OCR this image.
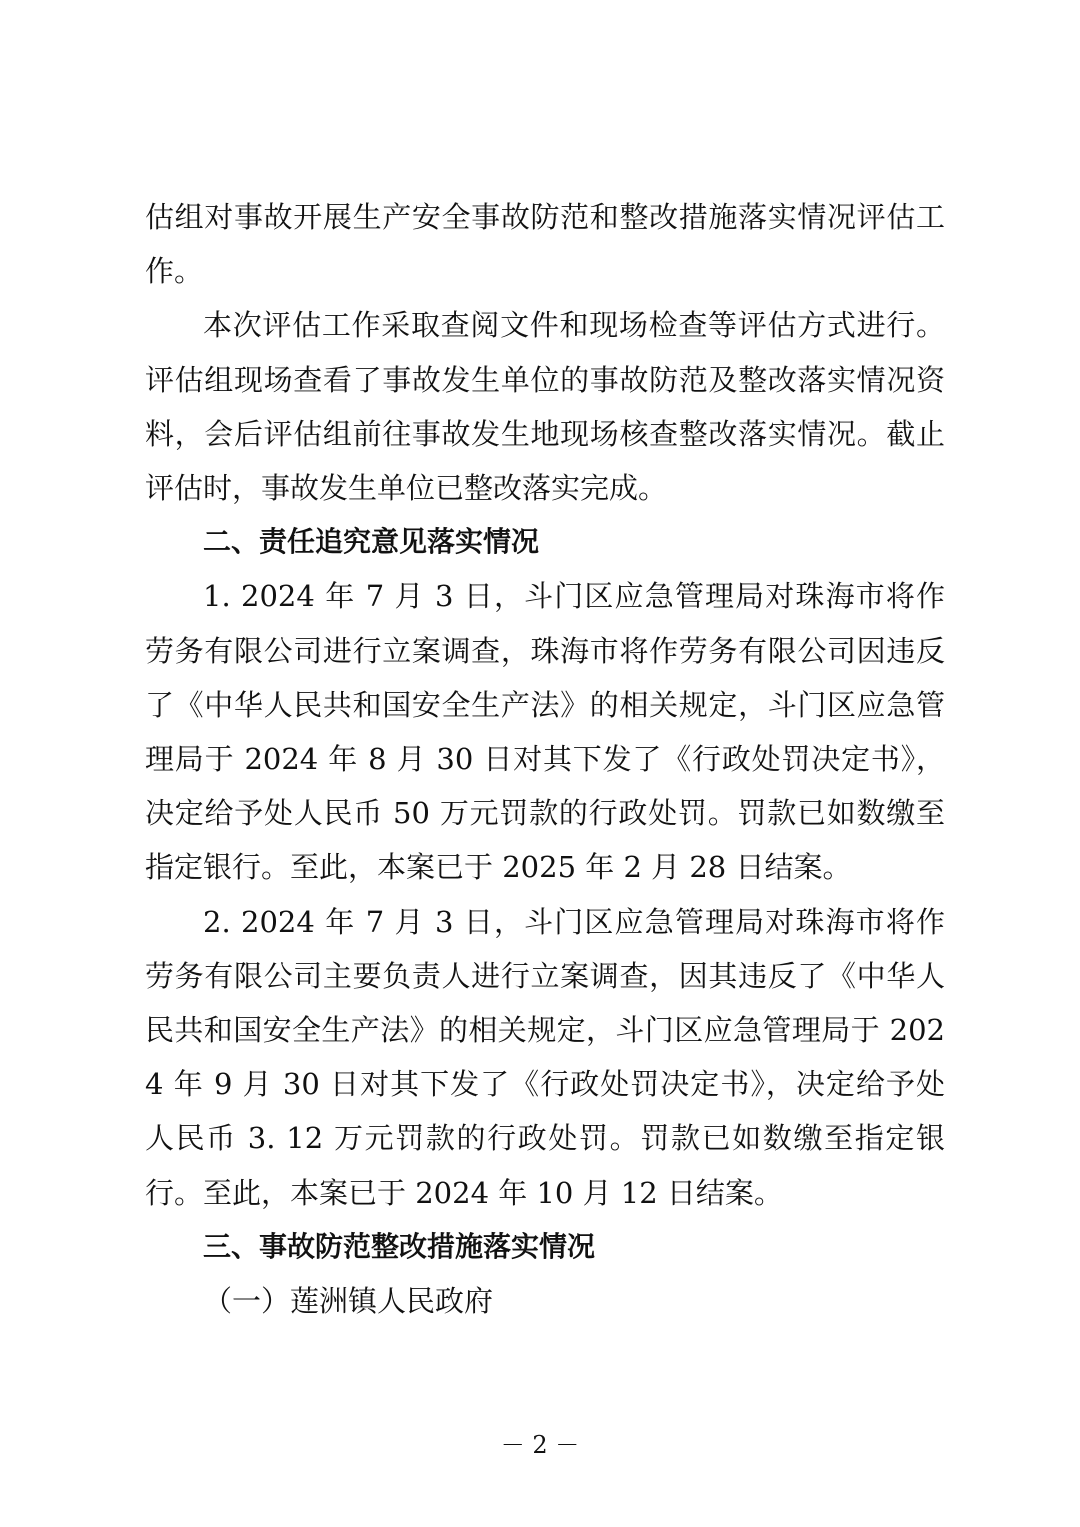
估组对事故开展生产安全事故防范和整改措施落实情况评估工作。

本次评估工作采取查阅文件和现场检查等评估方式进行。评估组现场查看了事故发生单位的事故防范及整改落实情况资料，会后评估组前往事故发生地现场核查整改落实情况。截止评估时，事故发生单位已整改落实完成。

二、责任追究意见落实情况

1. 2024 年 7 月 3 日，斗门区应急管理局对珠海市将作劳务有限公司进行立案调查，珠海市将作劳务有限公司因违反了《中华人民共和国安全生产法》的相关规定，斗门区应急管理局于 2024 年 8 月 30 日对其下发了《行政处罚决定书》，决定给予处人民币 50 万元罚款的行政处罚。罚款已如数缴至指定银行。至此，本案已于 2025 年 2 月 28 日结案。

2. 2024 年 7 月 3 日，斗门区应急管理局对珠海市将作劳务有限公司主要负责人进行立案调查，因其违反了《中华人民共和国安全生产法》的相关规定，斗门区应急管理局于 2024 年 9 月 30 日对其下发了《行政处罚决定书》，决定给予处人民币 3. 12 万元罚款的行政处罚。罚款已如数缴至指定银行。至此，本案已于 2024 年 10 月 12 日结案。

三、事故防范整改措施落实情况

（一）莲洲镇人民政府

－ 2 －
